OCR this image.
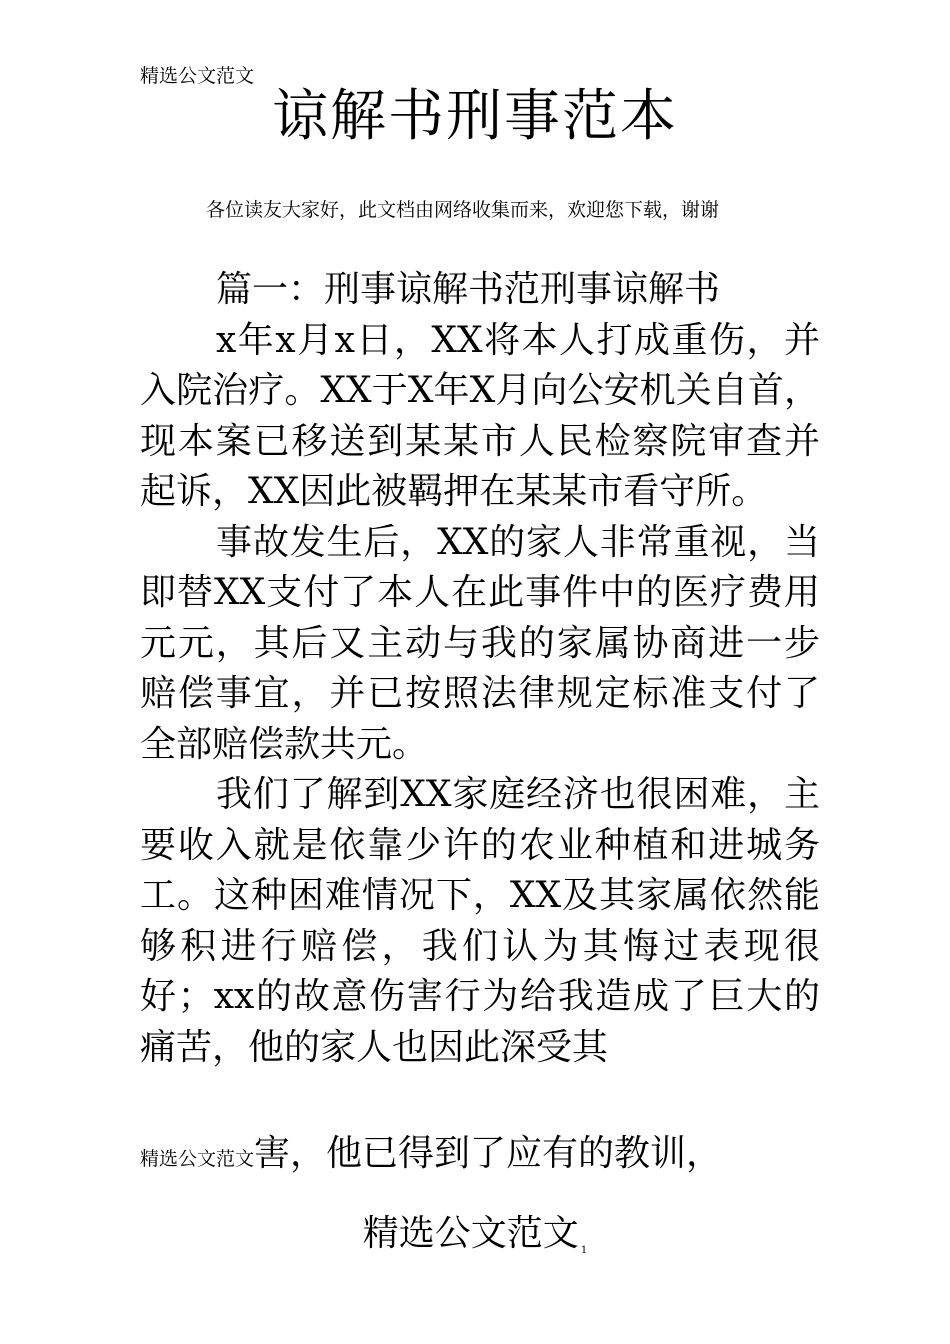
精选公文范文
谅解书刑事范本
各位读友大家好，此文档由网络收集而来，欢迎您下载，谢谢

篇一：刑事谅解书范刑事谅解书

x年x月x日，XX将本人打成重伤，并入院治疗。XX于X年X月向公安机关自首，现本案已移送到某某市人民检察院审查并起诉，XX因此被羁押在某某市看守所。

事故发生后，XX的家人非常重视，当即替XX支付了本人在此事件中的医疗费用元元，其后又主动与我的家属协商进一步赔偿事宜，并已按照法律规定标准支付了全部赔偿款共元。

我们了解到XX家庭经济也很困难，主要收入就是依靠少许的农业种植和进城务工。这种困难情况下，XX及其家属依然能够积进行赔偿，我们认为其悔过表现很好；xx的故意伤害行为给我造成了巨大的痛苦，他的家人也因此深受其

精选公文范文害，他已得到了应有的教训，
精选公文范文 1
